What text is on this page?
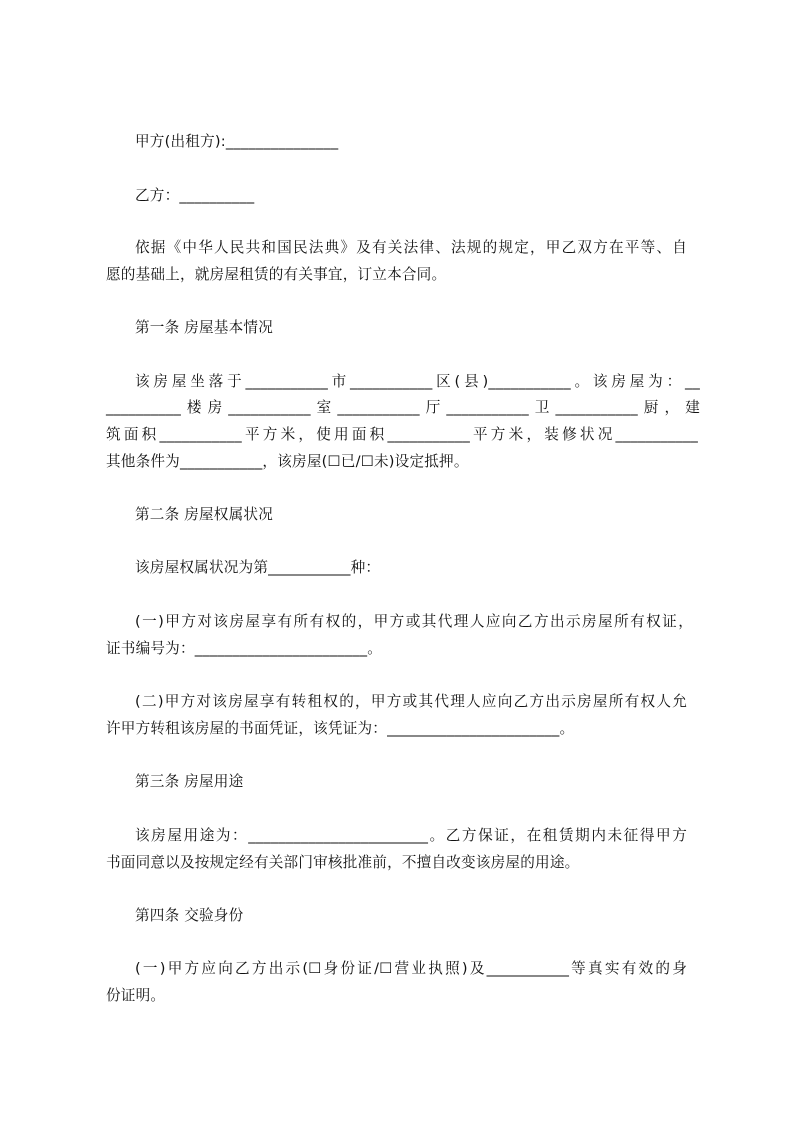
甲方(出租方):_______________
乙方：__________
依据《中华人民共和国民法典》及有关法律、法规的规定，甲乙双方在平等、自
愿的基础上，就房屋租赁的有关事宜，订立本合同。
第一条 房屋基本情况
该房屋坐落于___________市___________区(县)___________。该房屋为：__
__________楼房___________室___________厅___________卫___________厨，建
筑面积___________平方米，使用面积___________平方米，装修状况___________
其他条件为___________，该房屋(☐已/☐未)设定抵押。
第二条 房屋权属状况
该房屋权属状况为第___________种：
(一)甲方对该房屋享有所有权的，甲方或其代理人应向乙方出示房屋所有权证，
证书编号为：_______________________。
(二)甲方对该房屋享有转租权的，甲方或其代理人应向乙方出示房屋所有权人允
许甲方转租该房屋的书面凭证，该凭证为：_______________________。
第三条 房屋用途
该房屋用途为：________________________。乙方保证，在租赁期内未征得甲方
书面同意以及按规定经有关部门审核批准前，不擅自改变该房屋的用途。
第四条 交验身份
(一)甲方应向乙方出示(☐身份证/☐营业执照)及___________等真实有效的身
份证明。
